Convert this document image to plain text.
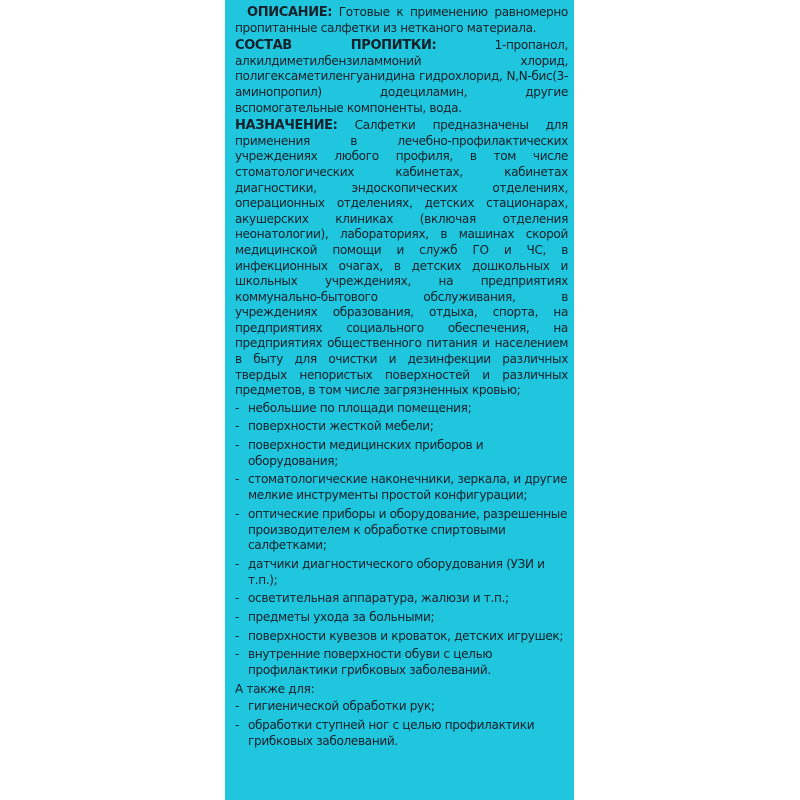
ОПИСАНИЕ: Готовые к применению равномерно пропитанные салфетки из нетканого материала.

СОСТАВ ПРОПИТКИ: 1-пропанол, алкилдиметилбензиламмоний хлорид, полигексаметиленгуанидина гидрохлорид, N,N-бис(3-аминопропил) додециламин, другие вспомогательные компоненты, вода.

НАЗНАЧЕНИЕ: Салфетки предназначены для применения в лечебно-профилактических учреждениях любого профиля, в том числе стоматологических кабинетах, кабинетах диагностики, эндоскопических отделениях, операционных отделениях, детских стационарах, акушерских клиниках (включая отделения неонатологии), лабораториях, в машинах скорой медицинской помощи и служб ГО и ЧС, в инфекционных очагах, в детских дошкольных и школьных учреждениях, на предприятиях коммунально-бытового обслуживания, в учреждениях образования, отдыха, спорта, на предприятиях социального обеспечения, на предприятиях общественного питания и населением в быту для очистки и дезинфекции различных твердых непористых поверхностей и различных предметов, в том числе загрязненных кровью;

- небольшие по площади помещения;
- поверхности жесткой мебели;
- поверхности медицинских приборов и оборудования;
- стоматологические наконечники, зеркала, и другие мелкие инструменты простой конфигурации;
- оптические приборы и оборудование, разрешенные производителем к обработке спиртовыми салфетками;
- датчики диагностического оборудования (УЗИ и т.п.);
- осветительная аппаратура, жалюзи и т.п.;
- предметы ухода за больными;
- поверхности кувезов и кроваток, детских игрушек;
- внутренние поверхности обуви с целью профилактики грибковых заболеваний.

А также для:

- гигиенической обработки рук;
- обработки ступней ног с целью профилактики грибковых заболеваний.
